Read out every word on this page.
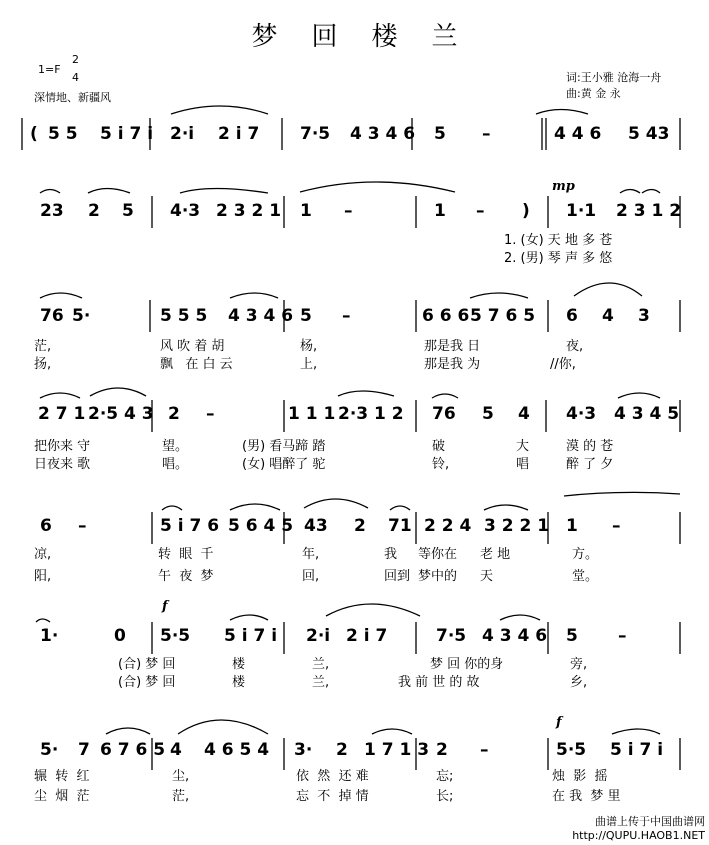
梦回楼兰
1=F
2
4
深情地、新疆风
词:王小雅 沧海一舟
曲:黄 金 永
mp
f
f
( 5 5 5 i 7 i 2·i 2 i 7 7·5 4 3 4 6 5 –	4 4 6 5 43
23 2 5 4·3 2 3 2 1 1 –	1 – ) 1·1 2 3 1 2
1. (女) 天 地 多 苍
2. (男) 琴 声 多 悠
76 5·	5 5 5 4 3 4 6 5 –	6 6 6 5 7 6 5 6 4 3
茫,	风 吹 着 胡	杨,	那是我 日	夜,
扬,	飘   在 白 云	上,	那是我 为	//你,
2 7 1 2·5 4 3 2 –	1 1 1 2·3 1 2 76 5 4 4·3 4 3 4 5
把你来 守	望。	(男) 看马蹄 踏	破	大	漠 的 苍
日夜来 歌	唱。	(女) 唱醉了 驼	铃,	唱	醉 了 夕
6 –	5 i 7 6 5 6 4 5 43 2 71 2 2 4 3 2 2 1 1 –
凉,	转  眼  千	年,	我 等你在 老 地	方。
阳,	午  夜  梦	回,	回到 梦中的 天	堂。
1·	0 5·5 5 i 7 i 2·i 2 i 7	7·5 4 3 4 6 5 –
(合) 梦 回	楼	兰,	梦 回 你的身	旁,
(合) 梦 回	楼	兰,	我 前 世 的 故	乡,
5· 7 6 7 6 5 4 4 6 5 4 3· 2 1 7 1 3 2 –	5·5 5 i 7 i
辗  转  红	尘,	依  然  还 难	忘;	烛  影  摇
尘  烟  茫	茫,	忘  不  掉 情	长;	在 我  梦 里
曲谱上传于中国曲谱网
http://QUPU.HAOB1.NET
